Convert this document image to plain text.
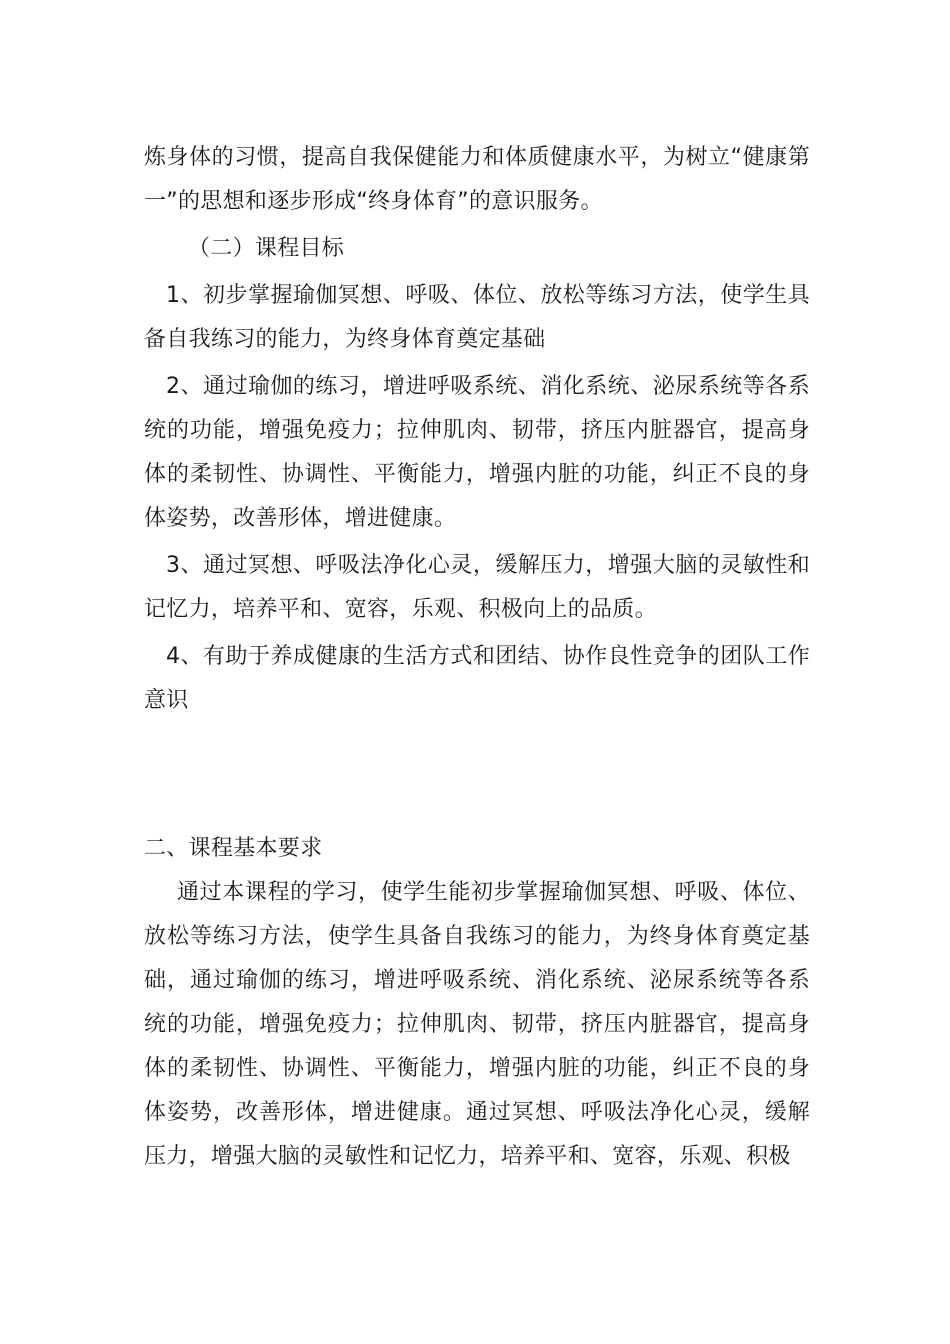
炼身体的习惯，提高自我保健能力和体质健康水平，为树立“健康第一”的思想和逐步形成“终身体育”的意识服务。

（二）课程目标

1、初步掌握瑜伽冥想、呼吸、体位、放松等练习方法，使学生具备自我练习的能力，为终身体育奠定基础

2、通过瑜伽的练习，增进呼吸系统、消化系统、泌尿系统等各系统的功能，增强免疫力；拉伸肌肉、韧带，挤压内脏器官，提高身体的柔韧性、协调性、平衡能力，增强内脏的功能，纠正不良的身体姿势，改善形体，增进健康。

3、通过冥想、呼吸法净化心灵，缓解压力，增强大脑的灵敏性和记忆力，培养平和、宽容，乐观、积极向上的品质。

4、有助于养成健康的生活方式和团结、协作良性竞争的团队工作意识

二、课程基本要求

通过本课程的学习，使学生能初步掌握瑜伽冥想、呼吸、体位、放松等练习方法，使学生具备自我练习的能力，为终身体育奠定基础，通过瑜伽的练习，增进呼吸系统、消化系统、泌尿系统等各系统的功能，增强免疫力；拉伸肌肉、韧带，挤压内脏器官，提高身体的柔韧性、协调性、平衡能力，增强内脏的功能，纠正不良的身体姿势，改善形体，增进健康。通过冥想、呼吸法净化心灵，缓解压力，增强大脑的灵敏性和记忆力，培养平和、宽容，乐观、积极
